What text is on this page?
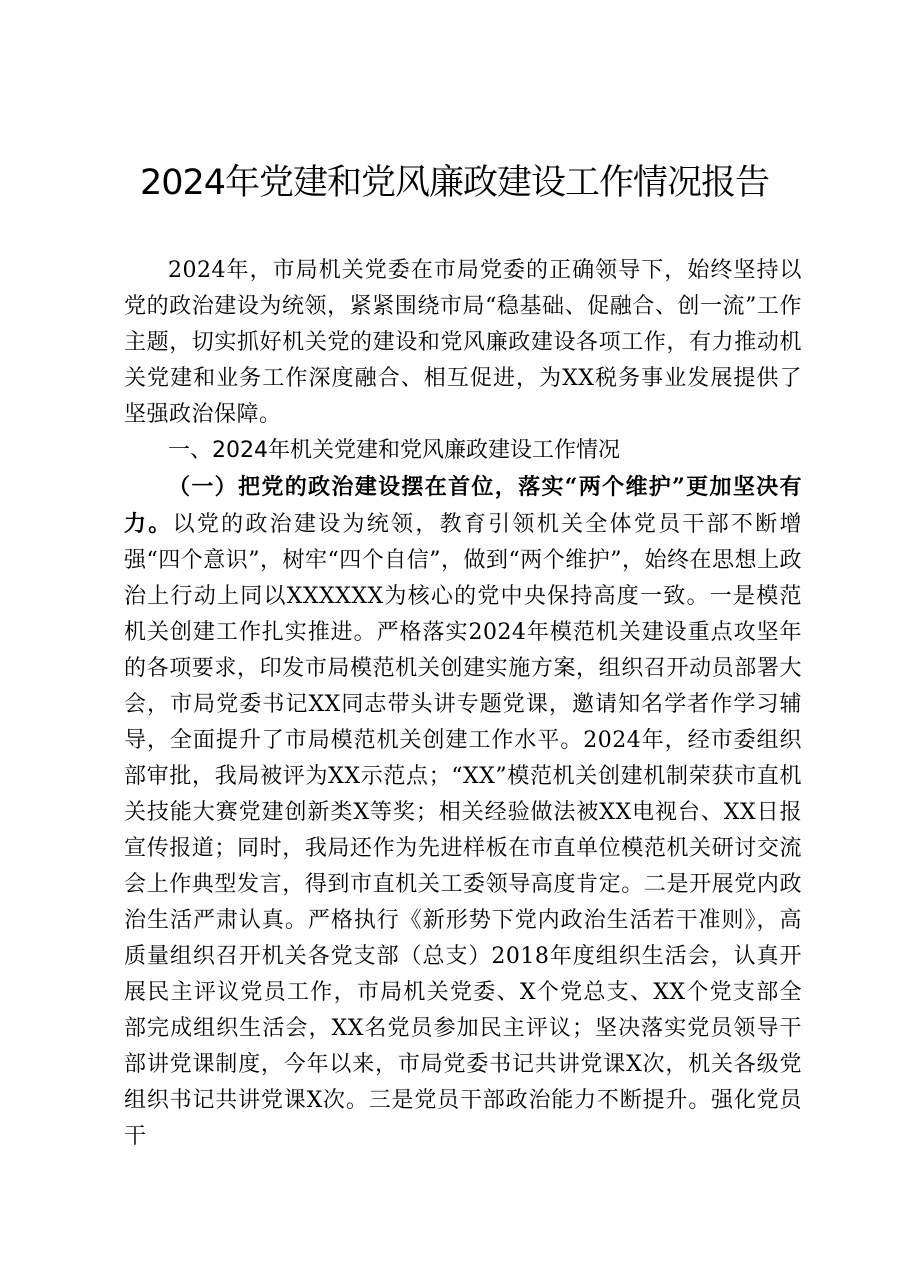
2024年党建和党风廉政建设工作情况报告

2024年，市局机关党委在市局党委的正确领导下，始终坚持以党的政治建设为统领，紧紧围绕市局“稳基础、促融合、创一流”工作主题，切实抓好机关党的建设和党风廉政建设各项工作，有力推动机关党建和业务工作深度融合、相互促进，为XX税务事业发展提供了坚强政治保障。

一、2024年机关党建和党风廉政建设工作情况

（一）把党的政治建设摆在首位，落实“两个维护”更加坚决有力。以党的政治建设为统领，教育引领机关全体党员干部不断增强“四个意识”，树牢“四个自信”，做到“两个维护”，始终在思想上政治上行动上同以XXXXXX为核心的党中央保持高度一致。一是模范机关创建工作扎实推进。严格落实2024年模范机关建设重点攻坚年的各项要求，印发市局模范机关创建实施方案，组织召开动员部署大会，市局党委书记XX同志带头讲专题党课，邀请知名学者作学习辅导，全面提升了市局模范机关创建工作水平。2024年，经市委组织部审批，我局被评为XX示范点；“XX”模范机关创建机制荣获市直机关技能大赛党建创新类X等奖；相关经验做法被XX电视台、XX日报宣传报道；同时，我局还作为先进样板在市直单位模范机关研讨交流会上作典型发言，得到市直机关工委领导高度肯定。二是开展党内政治生活严肃认真。严格执行《新形势下党内政治生活若干准则》，高质量组织召开机关各党支部（总支）2018年度组织生活会，认真开展民主评议党员工作，市局机关党委、X个党总支、XX个党支部全部完成组织生活会，XX名党员参加民主评议；坚决落实党员领导干部讲党课制度，今年以来，市局党委书记共讲党课X次，机关各级党组织书记共讲党课X次。三是党员干部政治能力不断提升。强化党员干
